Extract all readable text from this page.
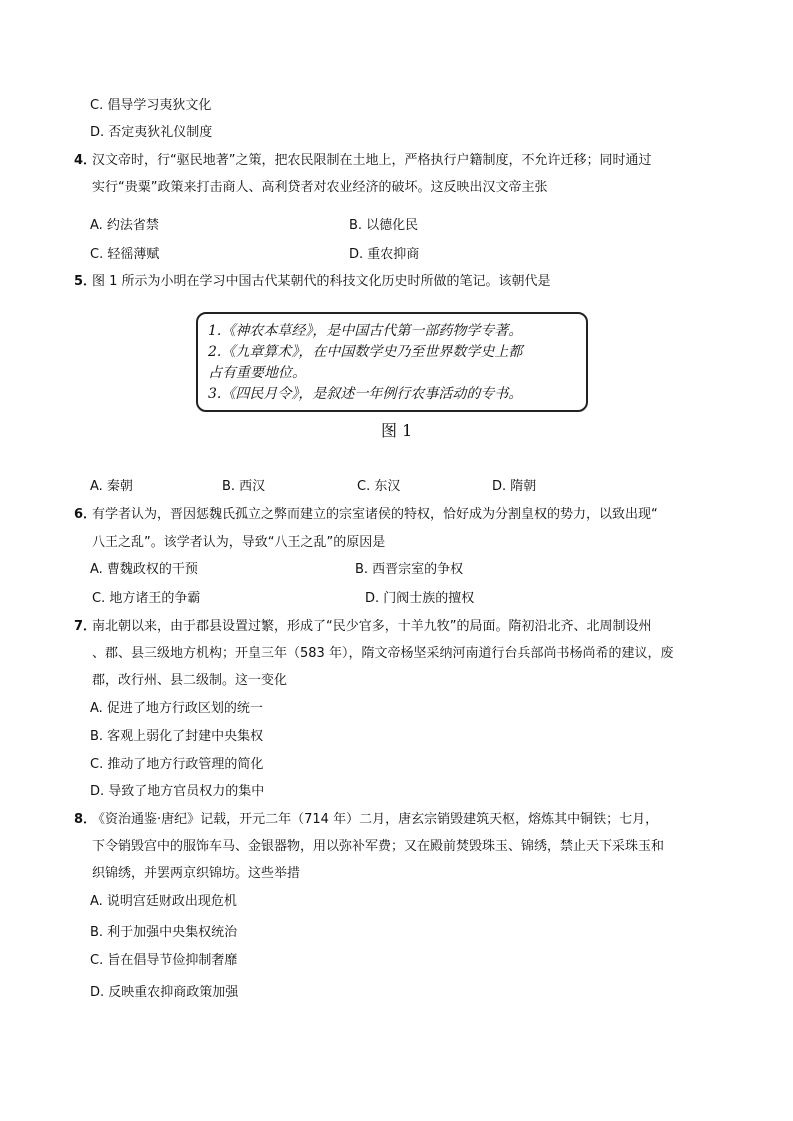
C. 倡导学习夷狄文化
D. 否定夷狄礼仪制度
4．
汉文帝时，行“驱民地著”之策，把农民限制在土地上，严格执行户籍制度，不允许迁移；同时通过
实行“贵粟”政策来打击商人、高利贷者对农业经济的破坏。这反映出汉文帝主张
A. 约法省禁	B. 以德化民
C. 轻徭薄赋	D. 重农抑商
5．
图 1 所示为小明在学习中国古代某朝代的科技文化历史时所做的笔记。该朝代是
1.《神农本草经》，是中国古代第一部药物学专著。
2.《九章算术》，在中国数学史乃至世界数学史上都
占有重要地位。
3.《四民月令》，是叙述一年例行农事活动的专书。
图 1
A. 秦朝	B. 西汉	C. 东汉	D. 隋朝
6．
有学者认为，晋因惩魏氏孤立之弊而建立的宗室诸侯的特权，恰好成为分割皇权的势力，以致出现“
八王之乱”。该学者认为，导致“八王之乱”的原因是
A. 曹魏政权的干预	B. 西晋宗室的争权
C. 地方诸王的争霸	D. 门阀士族的擅权
7．
南北朝以来，由于郡县设置过繁，形成了“民少官多，十羊九牧”的局面。隋初沿北齐、北周制设州
、郡、县三级地方机构；开皇三年（583 年），隋文帝杨坚采纳河南道行台兵部尚书杨尚希的建议，废
郡，改行州、县二级制。这一变化
A. 促进了地方行政区划的统一
B. 客观上弱化了封建中央集权
C. 推动了地方行政管理的简化
D. 导致了地方官员权力的集中
8．
《资治通鉴·唐纪》记载，开元二年（714 年）二月，唐玄宗销毁建筑天枢，熔炼其中铜铁；七月，
下令销毁宫中的服饰车马、金银器物，用以弥补军费；又在殿前焚毁珠玉、锦绣，禁止天下采珠玉和
织锦绣，并罢两京织锦坊。这些举措
A. 说明宫廷财政出现危机
B. 利于加强中央集权统治
C. 旨在倡导节俭抑制奢靡
D. 反映重农抑商政策加强
